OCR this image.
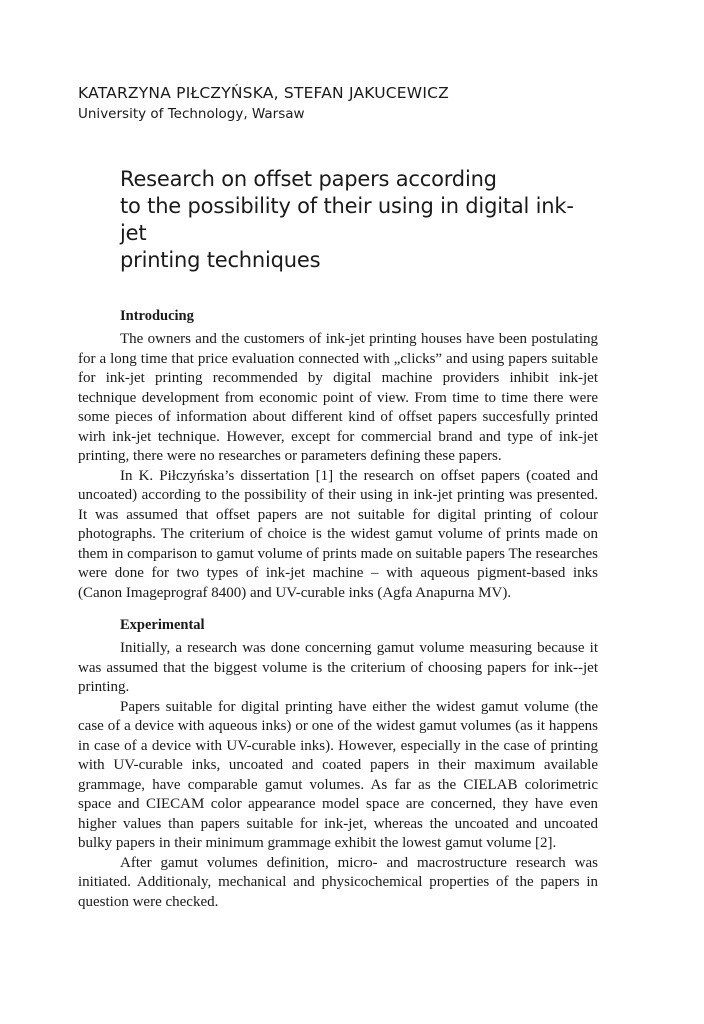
KATARZYNA PIŁCZYŃSKA, STEFAN JAKUCEWICZ

University of Technology, Warsaw

Research on offset papers according
to the possibility of their using in digital ink-jet
printing techniques
Introducing

The owners and the customers of ink-jet printing houses have been postulating for a long time that price evaluation connected with „clicks” and using papers suitable for ink-jet printing recommended by digital machine providers inhibit ink-jet technique development from economic point of view. From time to time there were some pieces of information about different kind of offset papers succesfully printed wirh ink-jet technique. However, except for commercial brand and type of ink-jet printing, there were no researches or parameters defining these papers.

In K. Piłczyńska’s dissertation [1] the research on offset papers (coated and uncoated) according to the possibility of their using in ink-jet printing was presented. It was assumed that offset papers are not suitable for digital printing of colour photographs. The criterium of choice is the widest gamut volume of prints made on them in comparison to gamut volume of prints made on suitable papers The researches were done for two types of ink-jet machine – with aqueous pigment-based inks (Canon Imageprograf 8400) and UV-curable inks (Agfa Anapurna MV).

Experimental

Initially, a research was done concerning gamut volume measuring because it was assumed that the biggest volume is the criterium of choosing papers for ink--jet printing.

Papers suitable for digital printing have either the widest gamut volume (the case of a device with aqueous inks) or one of the widest gamut volumes (as it happens in case of a device with UV-curable inks). However, especially in the case of printing with UV-curable inks, uncoated and coated papers in their maximum available grammage, have comparable gamut volumes. As far as the CIELAB colorimetric space and CIECAM color appearance model space are concerned, they have even higher values than papers suitable for ink-jet, whereas the uncoated and uncoated bulky papers in their minimum grammage exhibit the lowest gamut volume [2].

After gamut volumes definition, micro- and macrostructure research was initiated. Additionaly, mechanical and physicochemical properties of the papers in question were checked.
